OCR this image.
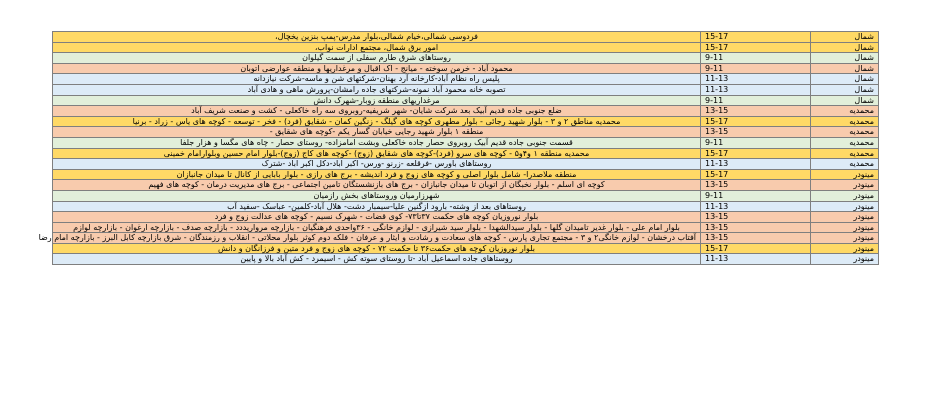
فردوسی شمالی،خیام شمالی،بلوار مدرس-پمپ بنزین یخچال،	15-17	شمال
امور برق شمال، مجتمع ادارات نواب،	15-17	شمال
روستاهای شرق طارم سفلی از سمت گیلوان	9-11	شمال
محمود آباد - خرمن سوخته - میانج - اک اقبال و مرغداریها و منطقه عوارضی اتوبان	9-11	شمال
پلیس راه نظام آباد-کارخانه آرد بهنان-شرکتهای شن و ماسه-شرکت نیازدانه	11-13	شمال
تصوبه خانه محمود آباد نمونه-شرکتهای جاده رامشان-پرورش ماهی و هادی آباد	11-13	شمال
مرغداریهای منطقه زوبار-شهرک دانش	9-11	شمال
ضلع جنوبی جاده قدیم آبیک بعد شرکت شایان- شهر شریفیه-روبروی سه راه خاکعلی - کشت و صنعت شریف آباد	13-15	محمدیه
محمدیه مناطق ۲ و ۳ - بلوار شهید رجائی - بلوار مطهری کوچه های گیلگ - زنگین کمان - شقایق (فرد) - فخر - توسعه - کوچه های یاس - زراد - برنیا	15-17	محمدیه
منطقه ۱ بلوار شهید رجایی خیابان گسار یکم -کوچه های شقایق -	13-15	محمدیه
قسمت جنوبی جاده قدیم آبیک روبروی حصار جاده خاکعلی وبشت امامزاده- روستای حصار - چاه های مگسا و هزار جلفا	9-11	محمدیه
محمدیه منطقه ۱ و۴و۵ - کوچه های سرو (فرد)-کوچه های شقایق (زوج) -کوچه های کاج (زوج)-بلوار امام حسین وبلوارامام خمینی	15-17	محمدیه
روستاهای باورس -فرقلعه -زرنو -ورس- اکبر اباد-دکل اکبر اباد -شترک	11-13	محمدیه
منطقه ملاصدرا- شامل بلوار اصلی و کوچه های زوج و فرد اندیشه - برج های رازی - بلوار بابایی از کانال تا میدان جانبازان	15-17	مینودر
کوچه ای اسلم - بلوار نخبگان از اتوبان تا میدان جانبازان - برج های بازنشستگان تامین اجتماعی - برج های مدیریت درمان - کوچه های فهیم	13-15	مینودر
شهرزارمیان وروستاهای بخش رازمیان	9-11	مینودر
روستاهای بعد از وشته- بارود ازگنین علیا-سیمبار دشت- هلال آباد-کلمین- عباسک -سفید آب	11-13	مینودر
بلوار نوروزیان کوچه های حکمت ۳۷تا۷۳- کوی قضات - شهرک نسیم - کوچه های عدالت زوج و فرد	13-15	مینودر
بلوار امام علی - بلوار غدیر تامیدان گلها - بلوار سیدالشهدا - بلوار سید شیرازی - لوازم خانگی - ۳۶واحدی فرهنگیان - بازارچه مرواریددد - بازارچه صدف - بازارچه ارغوان - بازارچه لوازم	13-15	مینودر
آفتاب درخشان - لوازم خانگی۲ و ۳ - مجتمع تجاری پارس - کوچه های سعادت و رشادت و ایثار و عرفان - فلکه دوم کوثر بلوار محلاتی - انقلاب و رزمندگان - شرق بازارچه کابل البرز - بازارچه امام رضا	13-15	مینودر
بلوار نوروزیان کوچه های حکمت۳۶ تا حکمت ۷۲ - کوچه های زوج و فرد متین و فرزانگان و دانش	15-17	مینودر
روستاهای جاده اسماعیل آباد -تا روستای سوته کش - اسیمرد - کش آباد بالا و پایین	11-13	مینودر
